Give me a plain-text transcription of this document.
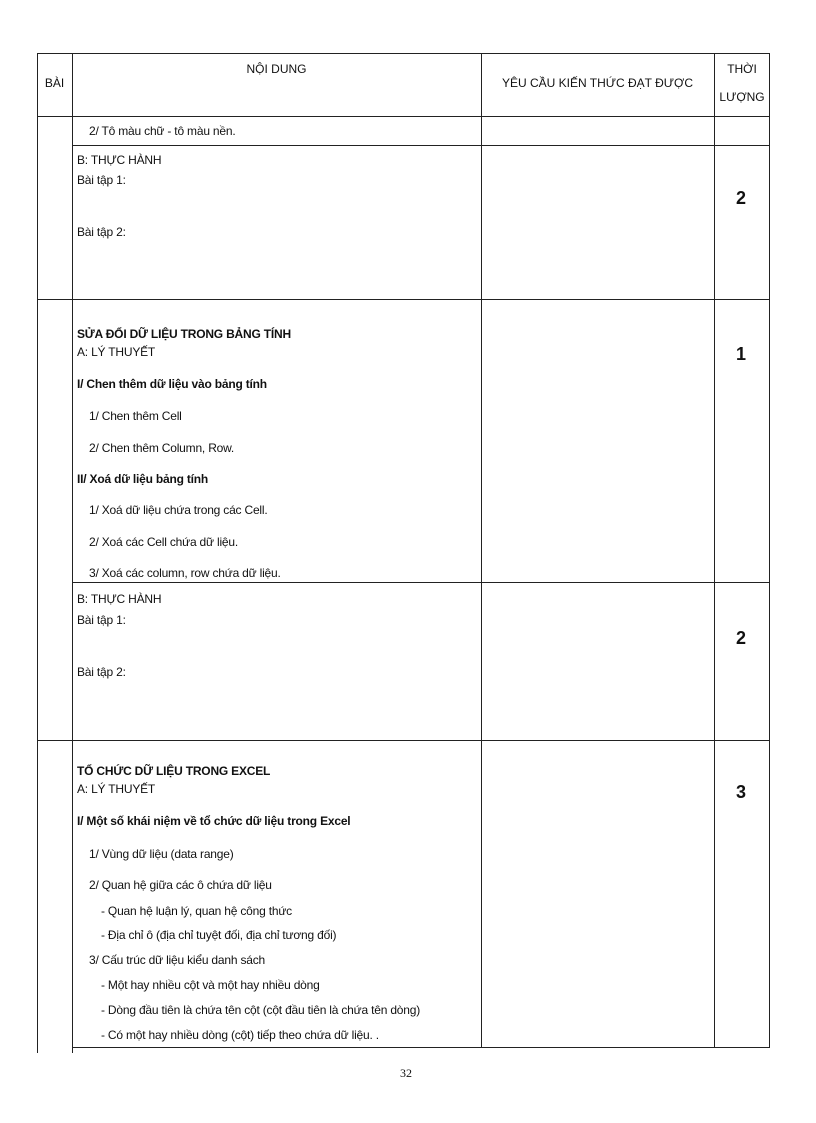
BÀI
NỘI DUNG
YÊU CẦU KIẾN THỨC ĐẠT ĐƯỢC
THỜI
LƯỢNG
2/ Tô màu chữ - tô màu nền.
B: THỰC HÀNH
Bài tập 1:
Bài tập 2:
2
SỬA ĐỔI DỮ LIỆU TRONG BẢNG TÍNH
A: LÝ THUYẾT
I/ Chen thêm dữ liệu vào bảng tính
1/ Chen thêm Cell
2/ Chen thêm Column, Row.
II/ Xoá dữ liệu bảng tính
1/ Xoá dữ liệu chứa trong các Cell.
2/ Xoá các Cell chứa dữ liệu.
3/ Xoá các column, row chứa dữ liệu.
1
B: THỰC HÀNH
Bài tập 1:
Bài tập 2:
2
TỔ CHỨC DỮ LIỆU TRONG EXCEL
A: LÝ THUYẾT
I/ Một số khái niệm về tổ chức dữ liệu trong Excel
1/ Vùng dữ liệu (data range)
2/ Quan hệ giữa các ô chứa dữ liệu
- Quan hệ luận lý, quan hệ công thức
- Địa chỉ ô (địa chỉ tuyệt đối, địa chỉ tương đối)
3/ Cấu trúc dữ liệu kiểu danh sách
- Một hay nhiều cột và một hay nhiều dòng
- Dòng đầu tiên là chứa tên cột (cột đầu tiên là chứa tên dòng)
- Có một hay nhiều dòng (cột) tiếp theo chứa dữ liệu. .
3
32
